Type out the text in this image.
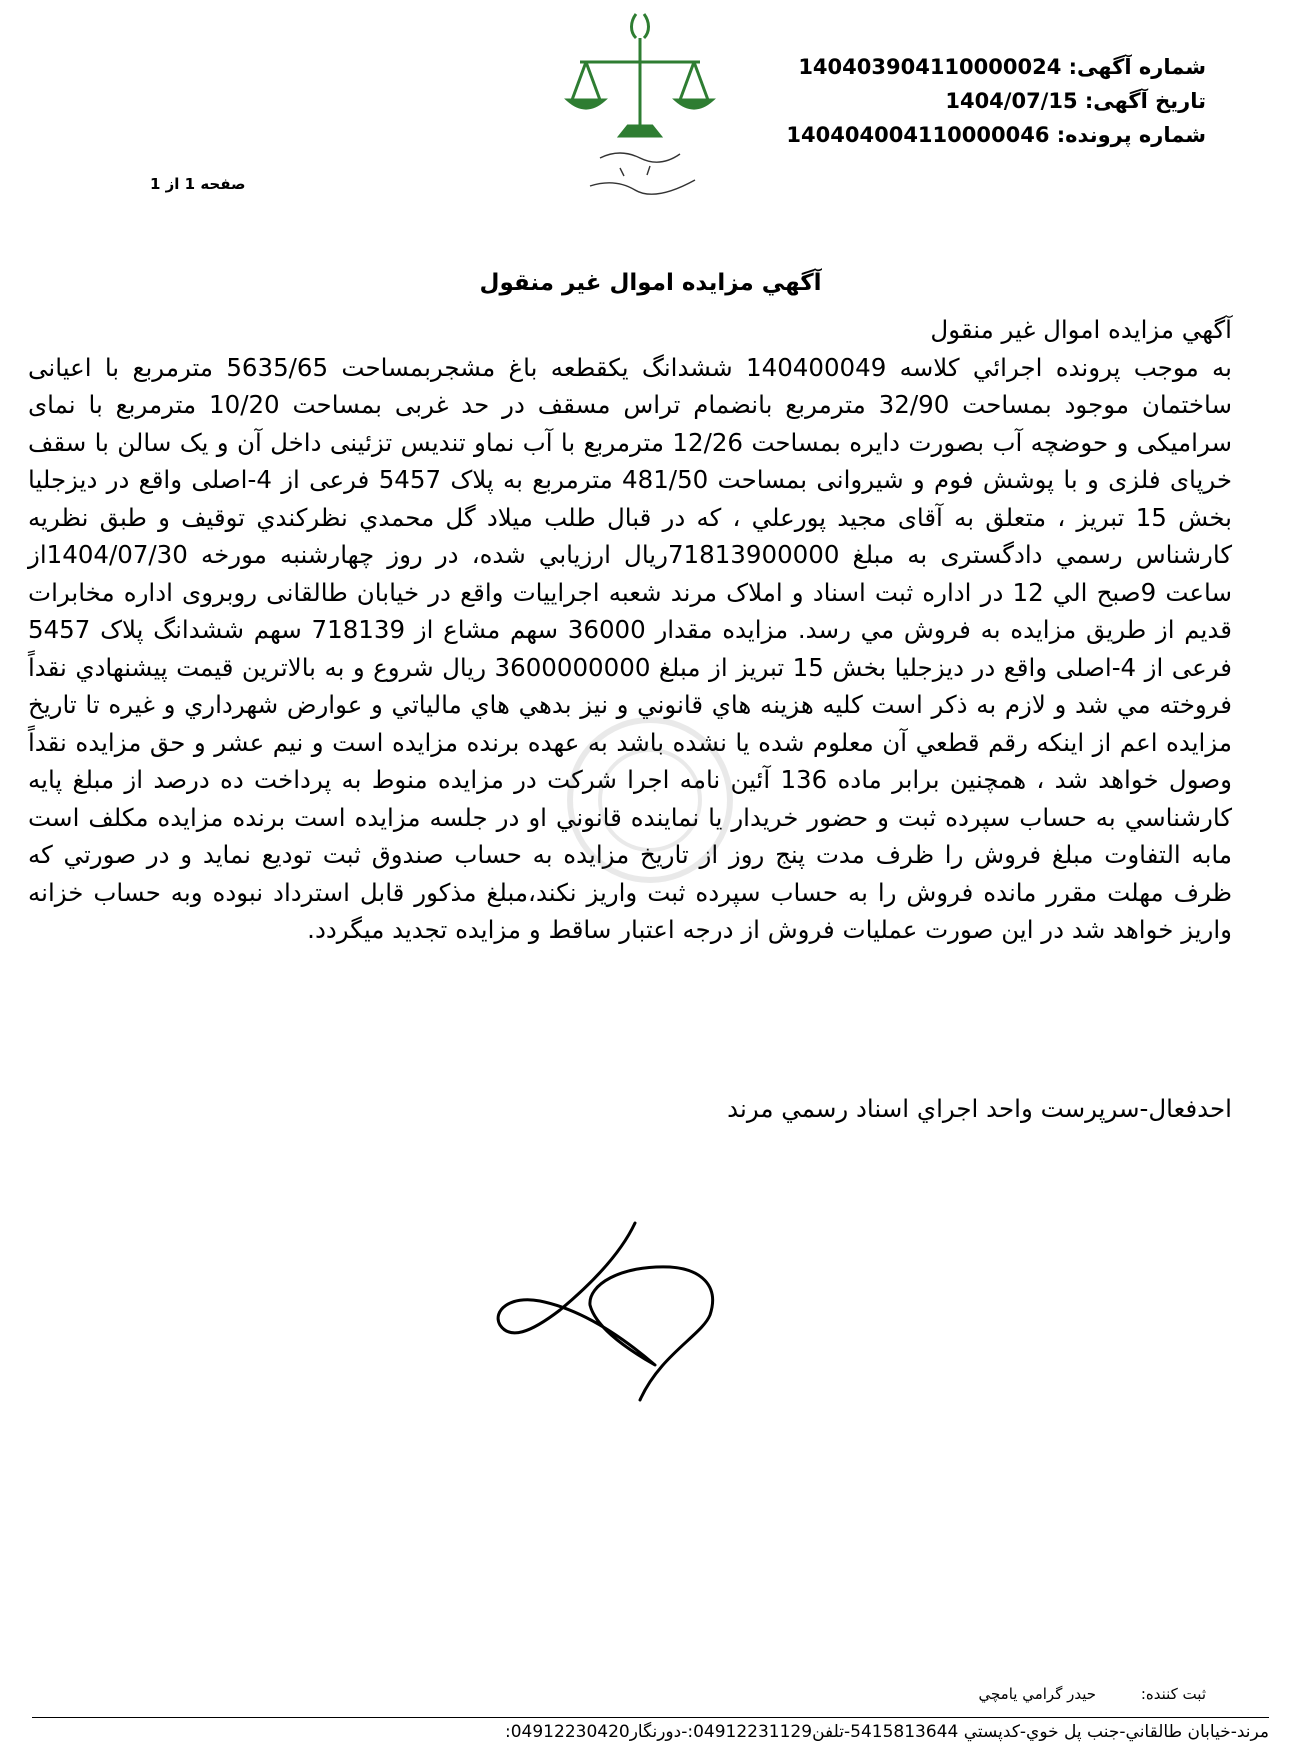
شماره آگهی: 140403904110000024
تاریخ آگهی: 1404/07/15
شماره پرونده: 140404004110000046
صفحه 1 از 1
آگهي مزايده اموال غير منقول

آگهي مزايده اموال غير منقول

به موجب پرونده اجرائي كلاسه 140400049 ششدانگ يکقطعه باغ مشجربمساحت 5635/65 مترمربع با اعیانی ساختمان موجود بمساحت 32/90 مترمربع بانضمام تراس مسقف در حد غربی بمساحت 10/20 مترمربع با نمای سرامیکی و حوضچه آب بصورت دایره بمساحت 12/26 مترمربع با آب نماو تندیس تزئینی داخل آن و یک سالن با سقف خرپای فلزی و با پوشش فوم و شیروانی بمساحت 481/50 مترمربع به پلاک 5457 فرعی از 4-اصلی واقع در دیزجلیا بخش 15 تبریز ، متعلق به آقای مجید پورعلي ، که در قبال طلب ميلاد گل محمدي نظركندي توقيف و طبق نظريه كارشناس رسمي دادگستری به مبلغ 71813900000ريال ارزيابي شده، در روز چهارشنبه مورخه 1404/07/30از ساعت 9صبح الي 12 در اداره ثبت اسناد و املاک مرند شعبه اجراییات واقع در خیابان طالقانی روبروی اداره مخابرات قدیم از طريق مزايده به فروش مي رسد. مزایده مقدار 36000 سهم مشاع از 718139 سهم ششدانگ پلاک 5457 فرعی از 4-اصلی واقع در دیزجلیا بخش 15 تبریز از مبلغ 3600000000 ريال شروع و به بالاترين قيمت پيشنهادي نقداً فروخته مي شد و لازم به ذكر است كليه هزينه هاي قانوني و نيز بدهي هاي مالياتي و عوارض شهرداري و غيره تا تاريخ مزايده اعم از اينكه رقم قطعي آن معلوم شده يا نشده باشد به عهده برنده مزايده است و نيم عشر و حق مزايده نقداً وصول خواهد شد ، همچنين برابر ماده 136 آئين نامه اجرا شركت در مزايده منوط به پرداخت ده درصد از مبلغ پايه كارشناسي به حساب سپرده ثبت و حضور خريدار يا نماينده قانوني او در جلسه مزايده است برنده مزايده مكلف است مابه التفاوت مبلغ فروش را ظرف مدت پنج روز از تاريخ مزايده به حساب صندوق ثبت توديع نمايد و در صورتي كه ظرف مهلت مقرر مانده فروش را به حساب سپرده ثبت واريز نكند،مبلغ مذكور قابل استرداد نبوده وبه حساب خزانه واريز خواهد شد در اين صورت عمليات فروش از درجه اعتبار ساقط و مزايده تجديد ميگردد.

احدفعال-سرپرست واحد اجراي اسناد رسمي مرند
ثبت كننده: حيدر گرامي يامچي
مرند-خيابان طالقاني-جنب پل خوي-كدپستي 5415813644-تلفن04912231129:-دورنگار04912230420:
